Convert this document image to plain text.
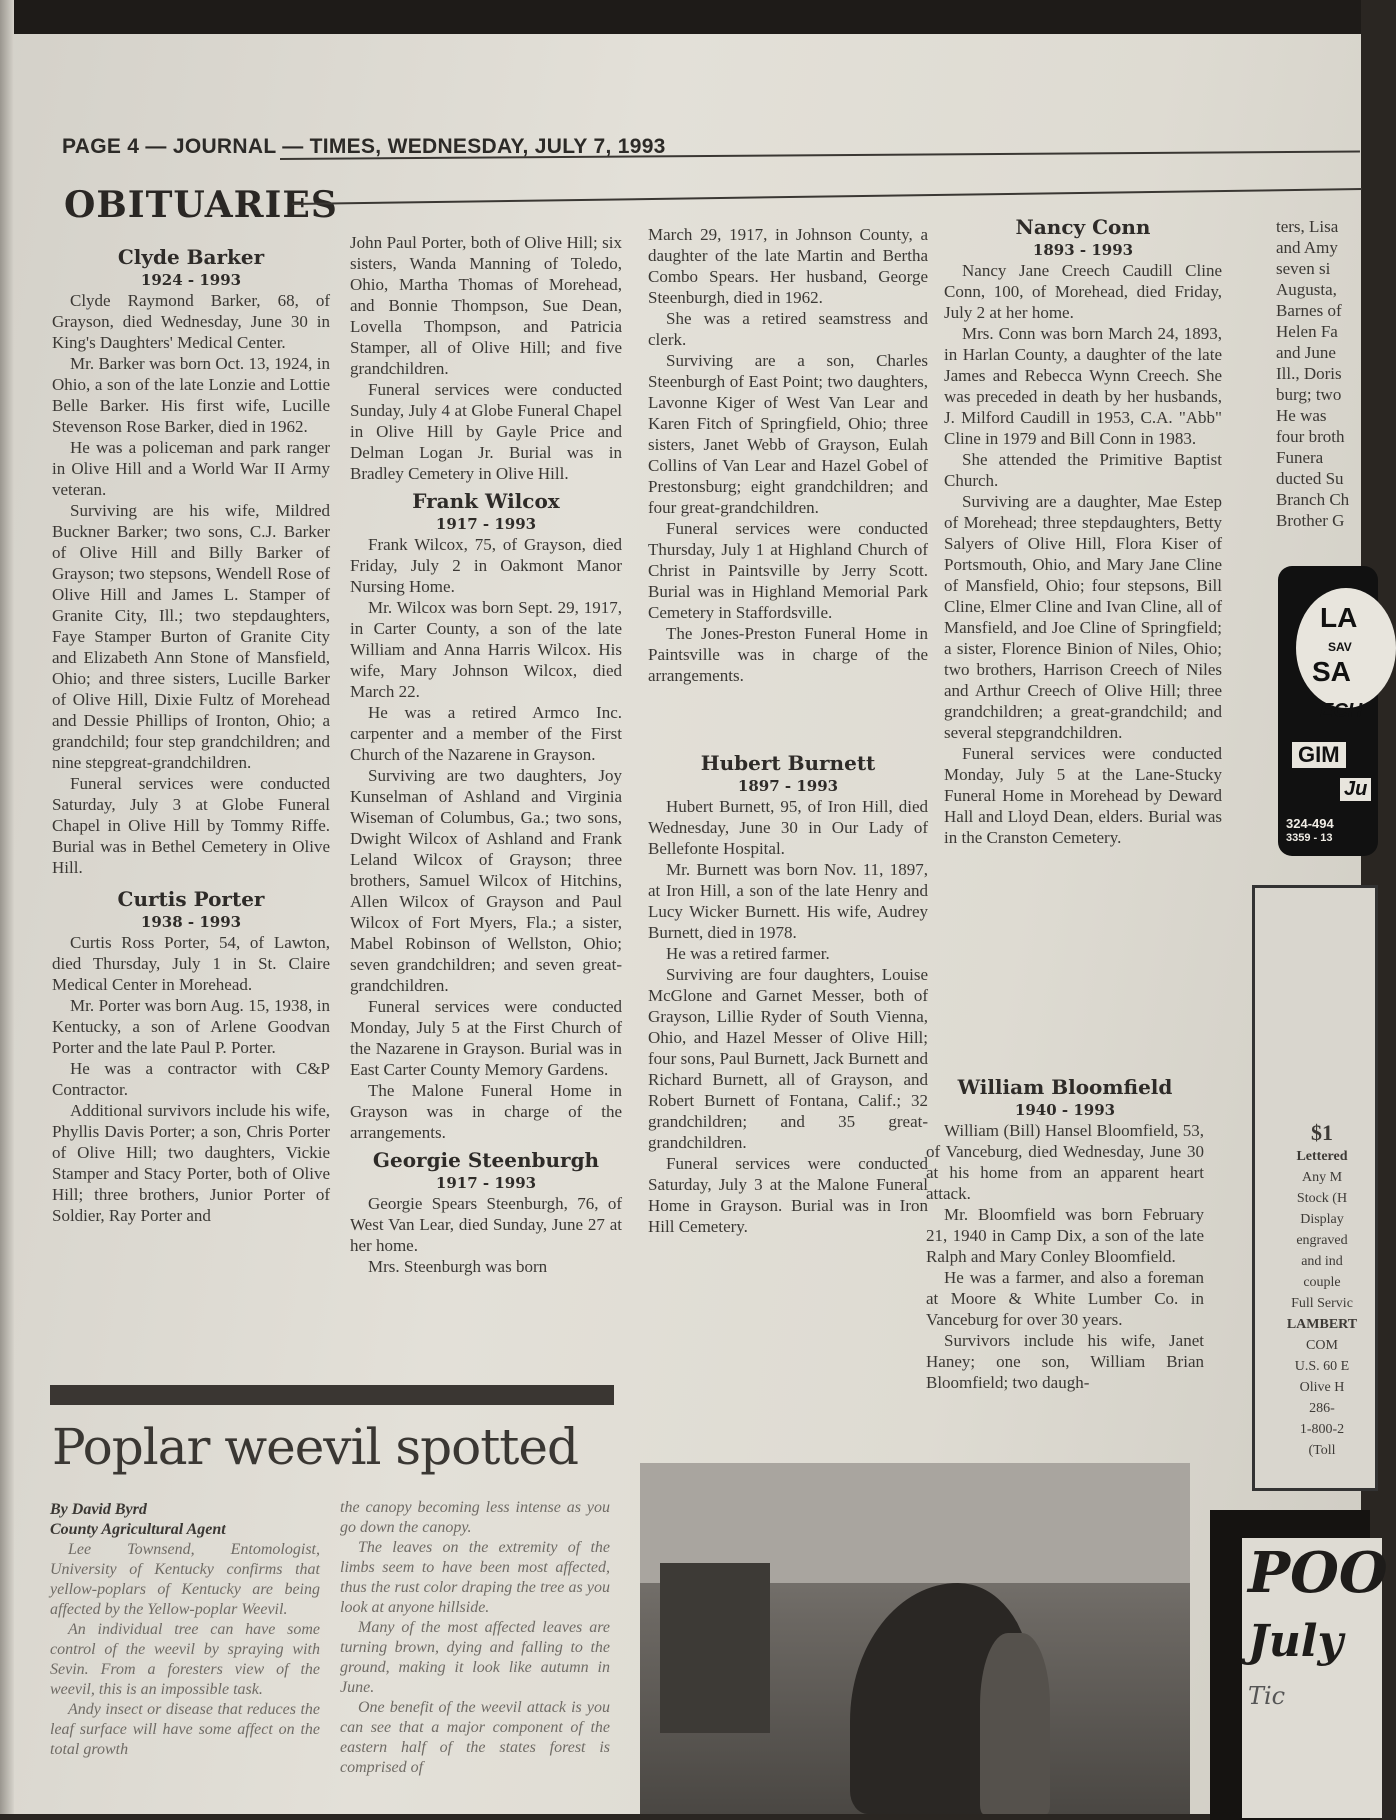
PAGE 4 — JOURNAL — TIMES, WEDNESDAY, JULY 7, 1993
OBITUARIES
Clyde Barker
1924 - 1993

Clyde Raymond Barker, 68, of Grayson, died Wednesday, June 30 in King's Daughters' Medical Center.

Mr. Barker was born Oct. 13, 1924, in Ohio, a son of the late Lonzie and Lottie Belle Barker. His first wife, Lucille Stevenson Rose Barker, died in 1962.

He was a policeman and park ranger in Olive Hill and a World War II Army veteran.

Surviving are his wife, Mildred Buckner Barker; two sons, C.J. Barker of Olive Hill and Billy Barker of Grayson; two stepsons, Wendell Rose of Olive Hill and James L. Stamper of Granite City, Ill.; two stepdaughters, Faye Stamper Burton of Granite City and Elizabeth Ann Stone of Mansfield, Ohio; and three sisters, Lucille Barker of Olive Hill, Dixie Fultz of Morehead and Dessie Phillips of Ironton, Ohio; a grandchild; four step grandchildren; and nine stepgreat-grandchildren.

Funeral services were conducted Saturday, July 3 at Globe Funeral Chapel in Olive Hill by Tommy Riffe. Burial was in Bethel Cemetery in Olive Hill.

Curtis Porter
1938 - 1993

Curtis Ross Porter, 54, of Lawton, died Thursday, July 1 in St. Claire Medical Center in Morehead.

Mr. Porter was born Aug. 15, 1938, in Kentucky, a son of Arlene Goodvan Porter and the late Paul P. Porter.

He was a contractor with C&P Contractor.

Additional survivors include his wife, Phyllis Davis Porter; a son, Chris Porter of Olive Hill; two daughters, Vickie Stamper and Stacy Porter, both of Olive Hill; three brothers, Junior Porter of Soldier, Ray Porter and

John Paul Porter, both of Olive Hill; six sisters, Wanda Manning of Toledo, Ohio, Martha Thomas of Morehead, and Bonnie Thompson, Sue Dean, Lovella Thompson, and Patricia Stamper, all of Olive Hill; and five grandchildren.

Funeral services were conducted Sunday, July 4 at Globe Funeral Chapel in Olive Hill by Gayle Price and Delman Logan Jr. Burial was in Bradley Cemetery in Olive Hill.

Frank Wilcox
1917 - 1993

Frank Wilcox, 75, of Grayson, died Friday, July 2 in Oakmont Manor Nursing Home.

Mr. Wilcox was born Sept. 29, 1917, in Carter County, a son of the late William and Anna Harris Wilcox. His wife, Mary Johnson Wilcox, died March 22.

He was a retired Armco Inc. carpenter and a member of the First Church of the Nazarene in Grayson.

Surviving are two daughters, Joy Kunselman of Ashland and Virginia Wiseman of Columbus, Ga.; two sons, Dwight Wilcox of Ashland and Frank Leland Wilcox of Grayson; three brothers, Samuel Wilcox of Hitchins, Allen Wilcox of Grayson and Paul Wilcox of Fort Myers, Fla.; a sister, Mabel Robinson of Wellston, Ohio; seven grandchildren; and seven great-grandchildren.

Funeral services were conducted Monday, July 5 at the First Church of the Nazarene in Grayson. Burial was in East Carter County Memory Gardens.

The Malone Funeral Home in Grayson was in charge of the arrangements.

Georgie Steenburgh
1917 - 1993

Georgie Spears Steenburgh, 76, of West Van Lear, died Sunday, June 27 at her home.

Mrs. Steenburgh was born

March 29, 1917, in Johnson County, a daughter of the late Martin and Bertha Combo Spears. Her husband, George Steenburgh, died in 1962.

She was a retired seamstress and clerk.

Surviving are a son, Charles Steenburgh of East Point; two daughters, Lavonne Kiger of West Van Lear and Karen Fitch of Springfield, Ohio; three sisters, Janet Webb of Grayson, Eulah Collins of Van Lear and Hazel Gobel of Prestonsburg; eight grandchildren; and four great-grandchildren.

Funeral services were conducted Thursday, July 1 at Highland Church of Christ in Paintsville by Jerry Scott. Burial was in Highland Memorial Park Cemetery in Staffordsville.

The Jones-Preston Funeral Home in Paintsville was in charge of the arrangements.

Hubert Burnett
1897 - 1993

Hubert Burnett, 95, of Iron Hill, died Wednesday, June 30 in Our Lady of Bellefonte Hospital.

Mr. Burnett was born Nov. 11, 1897, at Iron Hill, a son of the late Henry and Lucy Wicker Burnett. His wife, Audrey Burnett, died in 1978.

He was a retired farmer.

Surviving are four daughters, Louise McGlone and Garnet Messer, both of Grayson, Lillie Ryder of South Vienna, Ohio, and Hazel Messer of Olive Hill; four sons, Paul Burnett, Jack Burnett and Richard Burnett, all of Grayson, and Robert Burnett of Fontana, Calif.; 32 grandchildren; and 35 great-grandchildren.

Funeral services were conducted Saturday, July 3 at the Malone Funeral Home in Grayson. Burial was in Iron Hill Cemetery.

Nancy Conn
1893 - 1993

Nancy Jane Creech Caudill Cline Conn, 100, of Morehead, died Friday, July 2 at her home.

Mrs. Conn was born March 24, 1893, in Harlan County, a daughter of the late James and Rebecca Wynn Creech. She was preceded in death by her husbands, J. Milford Caudill in 1953, C.A. "Abb" Cline in 1979 and Bill Conn in 1983.

She attended the Primitive Baptist Church.

Surviving are a daughter, Mae Estep of Morehead; three stepdaughters, Betty Salyers of Olive Hill, Flora Kiser of Portsmouth, Ohio, and Mary Jane Cline of Mansfield, Ohio; four stepsons, Bill Cline, Elmer Cline and Ivan Cline, all of Mansfield, and Joe Cline of Springfield; a sister, Florence Binion of Niles, Ohio; two brothers, Harrison Creech of Niles and Arthur Creech of Olive Hill; three grandchildren; a great-grandchild; and several stepgrandchildren.

Funeral services were conducted Monday, July 5 at the Lane-Stucky Funeral Home in Morehead by Deward Hall and Lloyd Dean, elders. Burial was in the Cranston Cemetery.

William Bloomfield
1940 - 1993

William (Bill) Hansel Bloomfield, 53, of Vanceburg, died Wednesday, June 30 at his home from an apparent heart attack.

Mr. Bloomfield was born February 21, 1940 in Camp Dix, a son of the late Ralph and Mary Conley Bloomfield.

He was a farmer, and also a foreman at Moore & White Lumber Co. in Vanceburg for over 30 years.

Survivors include his wife, Janet Haney; one son, William Brian Bloomfield; two daugh-

ters, Lisa
and Amy
seven si
Augusta,
Barnes of
Helen Fa
and June
Ill., Doris
burg; two
He was
four broth
Funera
ducted Su
Branch Ch
Brother G
LA
SAV
SA
ECH
GIM
Ju
324-494
3359 - 13
$1
Lettered
Any M
Stock (H
Display
engraved
and ind
couple
Full Servic
LAMBERT
COM
U.S. 60 E
Olive H
286-
1-800-2
(Toll
POO
July
Tic
Poplar weevil spotted

By David Byrd

County Agricultural Agent

Lee Townsend, Entomologist, University of Kentucky confirms that yellow-poplars of Kentucky are being affected by the Yellow-poplar Weevil.

An individual tree can have some control of the weevil by spraying with Sevin. From a foresters view of the weevil, this is an impossible task.

Andy insect or disease that reduces the leaf surface will have some affect on the total growth

the canopy becoming less intense as you go down the canopy.

The leaves on the extremity of the limbs seem to have been most affected, thus the rust color draping the tree as you look at anyone hillside.

Many of the most affected leaves are turning brown, dying and falling to the ground, making it look like autumn in June.

One benefit of the weevil attack is you can see that a major component of the eastern half of the states forest is comprised of
